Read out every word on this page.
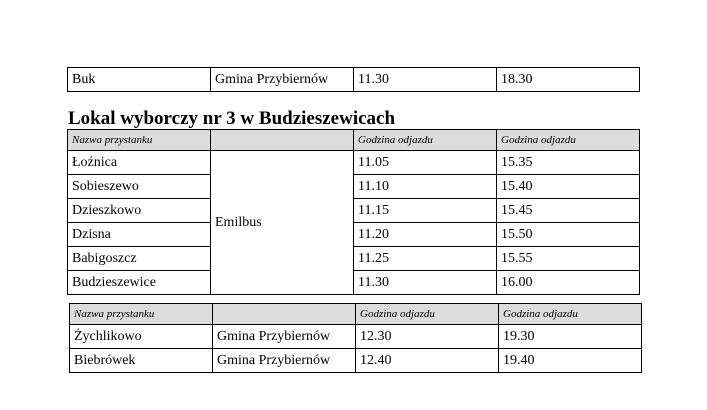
Buk	Gmina Przybiernów	11.30	18.30
Lokal wyborczy nr 3 w Budzieszewicach
Nazwa przystanku		Godzina odjazdu	Godzina odjazdu
Łoźnica	Emilbus	11.05	15.35
Sobieszewo		11.10	15.40
Dzieszkowo		11.15	15.45
Dzisna		11.20	15.50
Babigoszcz		11.25	15.55
Budzieszewice		11.30	16.00
Nazwa przystanku		Godzina odjazdu	Godzina odjazdu
Żychlikowo	Gmina Przybiernów	12.30	19.30
Biebrówek	Gmina Przybiernów	12.40	19.40
